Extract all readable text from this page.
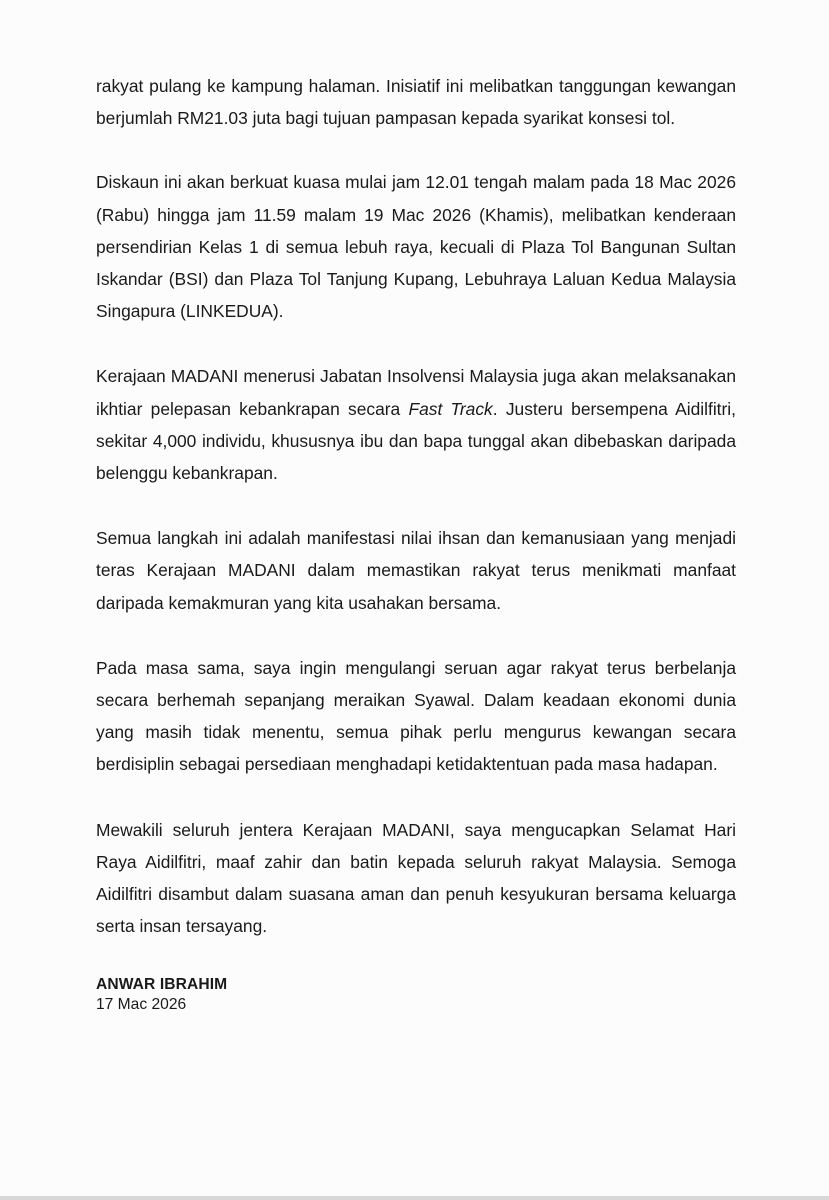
rakyat pulang ke kampung halaman. Inisiatif ini melibatkan tanggungan kewangan berjumlah RM21.03 juta bagi tujuan pampasan kepada syarikat konsesi tol.

Diskaun ini akan berkuat kuasa mulai jam 12.01 tengah malam pada 18 Mac 2026 (Rabu) hingga jam 11.59 malam 19 Mac 2026 (Khamis), melibatkan kenderaan persendirian Kelas 1 di semua lebuh raya, kecuali di Plaza Tol Bangunan Sultan Iskandar (BSI) dan Plaza Tol Tanjung Kupang, Lebuhraya Laluan Kedua Malaysia Singapura (LINKEDUA).

Kerajaan MADANI menerusi Jabatan Insolvensi Malaysia juga akan melaksanakan ikhtiar pelepasan kebankrapan secara Fast Track. Justeru bersempena Aidilfitri, sekitar 4,000 individu, khususnya ibu dan bapa tunggal akan dibebaskan daripada belenggu kebankrapan.

Semua langkah ini adalah manifestasi nilai ihsan dan kemanusiaan yang menjadi teras Kerajaan MADANI dalam memastikan rakyat terus menikmati manfaat daripada kemakmuran yang kita usahakan bersama.

Pada masa sama, saya ingin mengulangi seruan agar rakyat terus berbelanja secara berhemah sepanjang meraikan Syawal. Dalam keadaan ekonomi dunia yang masih tidak menentu, semua pihak perlu mengurus kewangan secara berdisiplin sebagai persediaan menghadapi ketidaktentuan pada masa hadapan.

Mewakili seluruh jentera Kerajaan MADANI, saya mengucapkan Selamat Hari Raya Aidilfitri, maaf zahir dan batin kepada seluruh rakyat Malaysia. Semoga Aidilfitri disambut dalam suasana aman dan penuh kesyukuran bersama keluarga serta insan tersayang.

ANWAR IBRAHIM
17 Mac 2026
